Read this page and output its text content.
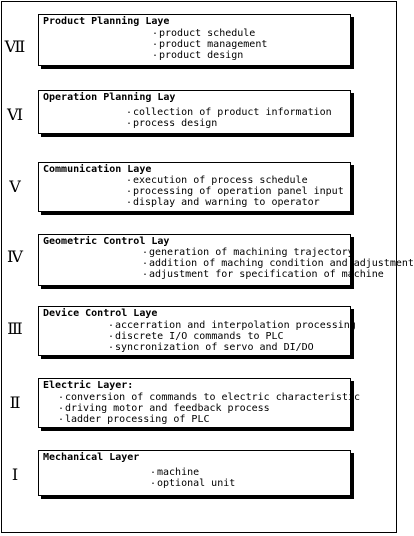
Ⅶ
Product Planning Laye
・ product schedule
・ product management
・ product design
Ⅵ
Operation Planning Lay
・ collection of product information
・ process design
Ⅴ
Communication Laye
・ execution of process schedule
・ processing of operation panel input
・ display and warning to operator
Ⅳ
Geometric Control Lay
・ generation of machining trajectory
・ addition of maching condition and adjustment
・ adjustment for specification of machine
Ⅲ
Device Control Laye
・ accerration and interpolation processing
・ discrete I/O commands to PLC
・ syncronization of servo and DI/DO
Ⅱ
Electric Layer:
・ conversion of commands to electric characteristic
・ driving motor and feedback process
・ ladder processing of PLC
Ⅰ
Mechanical Layer
・ machine
・ optional unit
